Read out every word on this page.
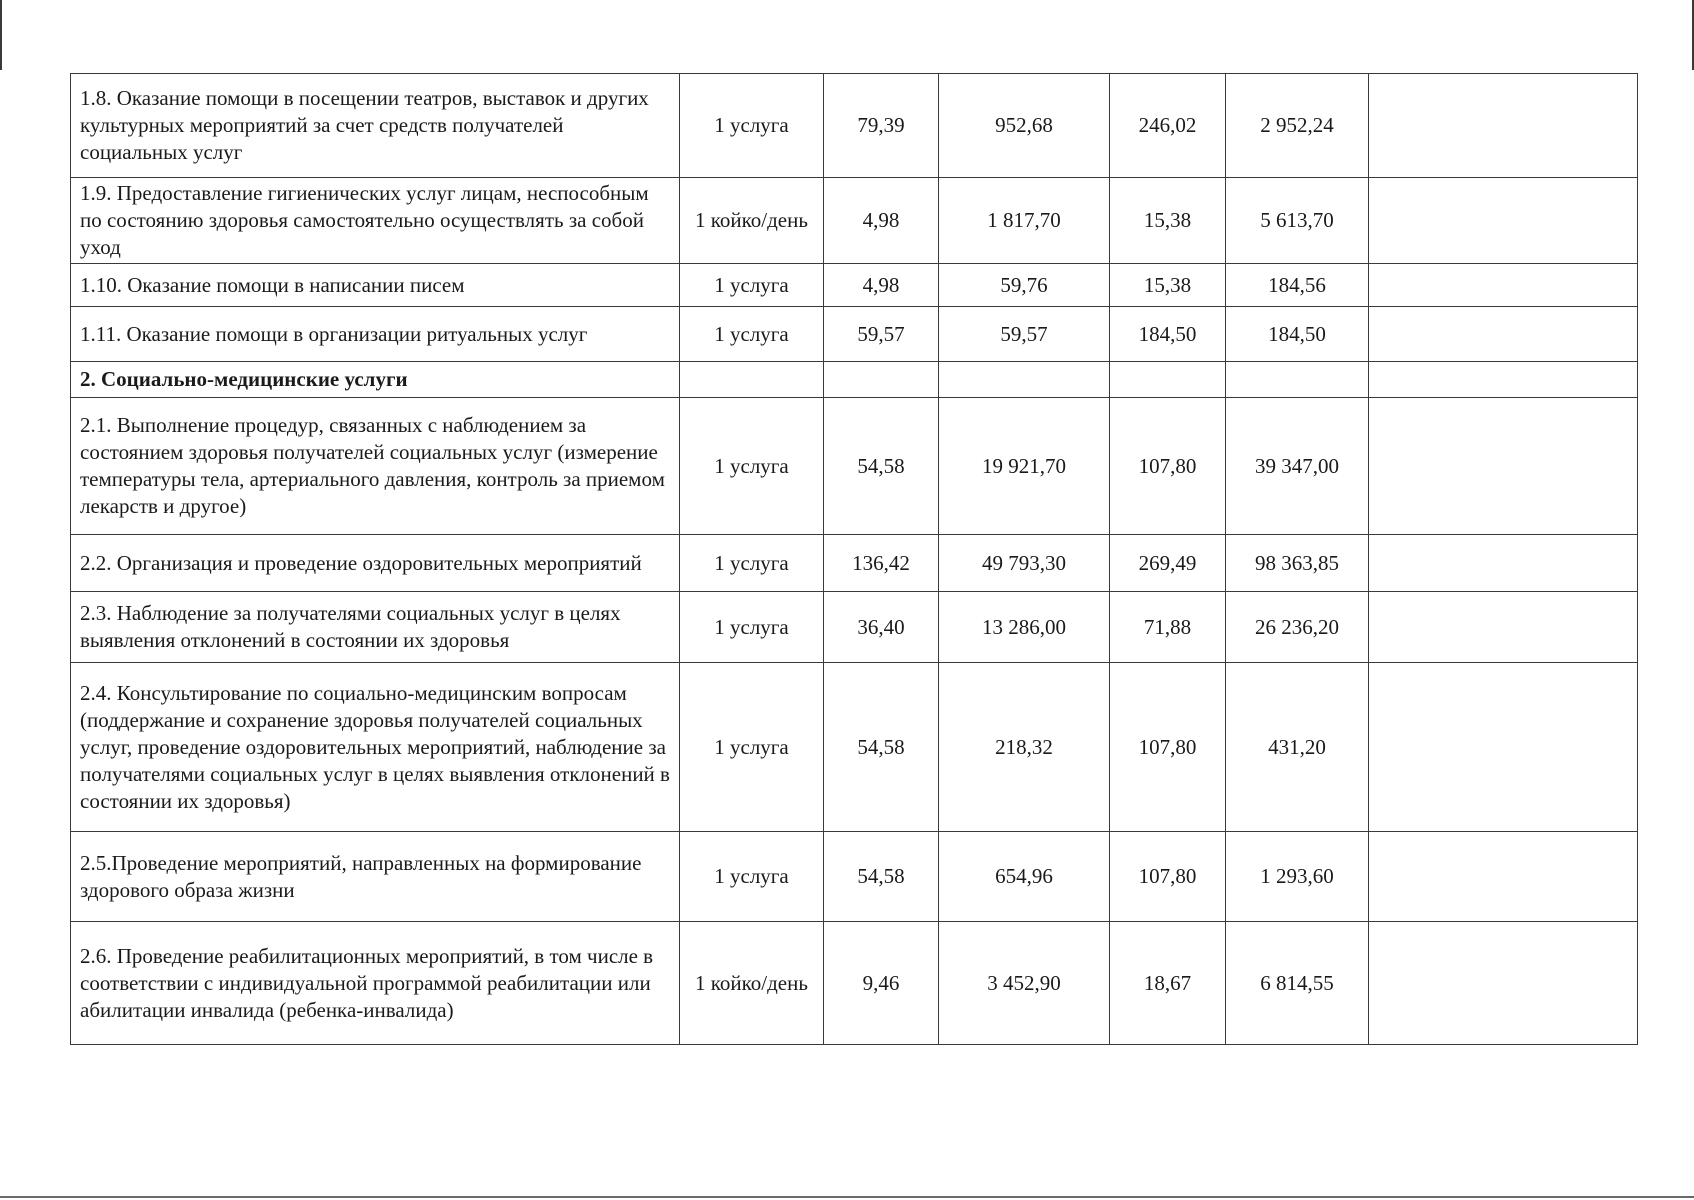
1.8. Оказание помощи в посещении театров, выставок и других культурных мероприятий за счет средств получателей социальных услуг	1 услуга	79,39	952,68	246,02	2 952,24	
1.9. Предоставление гигиенических услуг лицам, неспособным по состоянию здоровья самостоятельно осуществлять за собой уход	1 койко/день	4,98	1 817,70	15,38	5 613,70	
1.10. Оказание помощи в написании писем	1 услуга	4,98	59,76	15,38	184,56	
1.11. Оказание помощи в организации ритуальных услуг	1 услуга	59,57	59,57	184,50	184,50	
2. Социально-медицинские услуги						
2.1. Выполнение процедур, связанных с наблюдением за состоянием здоровья получателей социальных услуг (измерение температуры тела, артериального давления, контроль за приемом лекарств и другое)	1 услуга	54,58	19 921,70	107,80	39 347,00	
2.2. Организация и проведение оздоровительных мероприятий	1 услуга	136,42	49 793,30	269,49	98 363,85	
2.3. Наблюдение за получателями социальных услуг в целях выявления отклонений в состоянии их здоровья	1 услуга	36,40	13 286,00	71,88	26 236,20	
2.4. Консультирование по социально-медицинским вопросам (поддержание и сохранение здоровья получателей социальных услуг, проведение оздоровительных мероприятий, наблюдение за получателями социальных услуг в целях выявления отклонений в состоянии их здоровья)	1 услуга	54,58	218,32	107,80	431,20	
2.5.Проведение мероприятий, направленных на формирование здорового образа жизни	1 услуга	54,58	654,96	107,80	1 293,60	
2.6. Проведение реабилитационных мероприятий, в том числе в соответствии с индивидуальной программой реабилитации или абилитации инвалида (ребенка-инвалида)	1 койко/день	9,46	3 452,90	18,67	6 814,55	
